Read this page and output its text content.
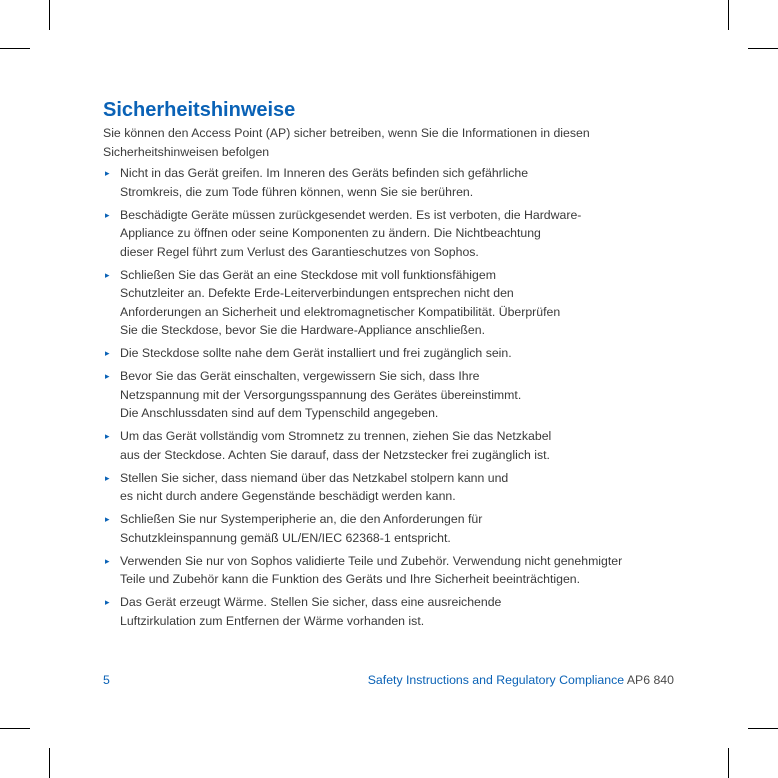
Sicherheitshinweise

Sie können den Access Point (AP) sicher betreiben, wenn Sie die Informationen in diesen Sicherheitshinweisen befolgen

▸ Nicht in das Gerät greifen. Im Inneren des Geräts befinden sich gefährliche
Stromkreis, die zum Tode führen können, wenn Sie sie berühren.
▸ Beschädigte Geräte müssen zurückgesendet werden. Es ist verboten, die Hardware-
Appliance zu öffnen oder seine Komponenten zu ändern. Die Nichtbeachtung
dieser Regel führt zum Verlust des Garantieschutzes von Sophos.
▸ Schließen Sie das Gerät an eine Steckdose mit voll funktionsfähigem
Schutzleiter an. Defekte Erde-Leiterverbindungen entsprechen nicht den
Anforderungen an Sicherheit und elektromagnetischer Kompatibilität. Überprüfen
Sie die Steckdose, bevor Sie die Hardware-Appliance anschließen.
▸ Die Steckdose sollte nahe dem Gerät installiert und frei zugänglich sein.
▸ Bevor Sie das Gerät einschalten, vergewissern Sie sich, dass Ihre
Netzspannung mit der Versorgungsspannung des Gerätes übereinstimmt.
Die Anschlussdaten sind auf dem Typenschild angegeben.
▸ Um das Gerät vollständig vom Stromnetz zu trennen, ziehen Sie das Netzkabel
aus der Steckdose. Achten Sie darauf, dass der Netzstecker frei zugänglich ist.
▸ Stellen Sie sicher, dass niemand über das Netzkabel stolpern kann und
es nicht durch andere Gegenstände beschädigt werden kann.
▸ Schließen Sie nur Systemperipherie an, die den Anforderungen für
Schutzkleinspannung gemäß UL/EN/IEC 62368-1 entspricht.
▸ Verwenden Sie nur von Sophos validierte Teile und Zubehör. Verwendung nicht genehmigter
Teile und Zubehör kann die Funktion des Geräts und Ihre Sicherheit beeinträchtigen.
▸ Das Gerät erzeugt Wärme. Stellen Sie sicher, dass eine ausreichende
Luftzirkulation zum Entfernen der Wärme vorhanden ist.
5	Safety Instructions and Regulatory Compliance AP6 840
